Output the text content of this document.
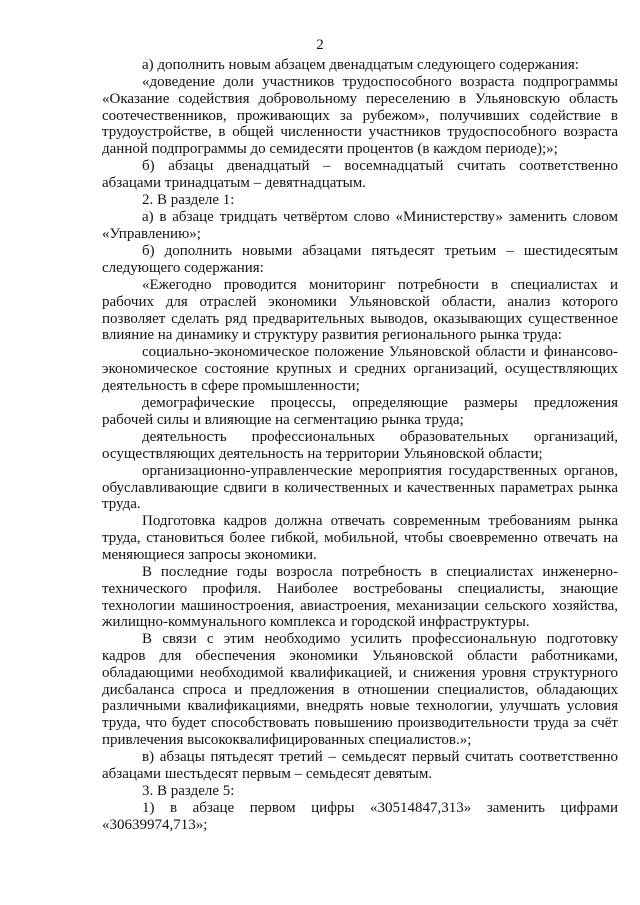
2

а) дополнить новым абзацем двенадцатым следующего содержания:

«доведение доли участников трудоспособного возраста подпрограммы «Оказание содействия добровольному переселению в Ульяновскую область соотечественников, проживающих за рубежом», получивших содействие в трудоустройстве, в общей численности участников трудоспособного возраста данной подпрограммы до семидесяти процентов (в каждом периоде);»;

б) абзацы двенадцатый – восемнадцатый считать соответственно абзацами тринадцатым – девятнадцатым.

2. В разделе 1:

а) в абзаце тридцать четвёртом слово «Министерству» заменить словом «Управлению»;

б) дополнить новыми абзацами пятьдесят третьим – шестидесятым следующего содержания:

«Ежегодно проводится мониторинг потребности в специалистах и рабочих для отраслей экономики Ульяновской области, анализ которого позволяет сделать ряд предварительных выводов, оказывающих существенное влияние на динамику и структуру развития регионального рынка труда:

социально-экономическое положение Ульяновской области и финансово-экономическое состояние крупных и средних организаций, осуществляющих деятельность в сфере промышленности;

демографические процессы, определяющие размеры предложения рабочей силы и влияющие на сегментацию рынка труда;

деятельность профессиональных образовательных организаций, осуществляющих деятельность на территории Ульяновской области;

организационно-управленческие мероприятия государственных органов, обуславливающие сдвиги в количественных и качественных параметрах рынка труда.

Подготовка кадров должна отвечать современным требованиям рынка труда, становиться более гибкой, мобильной, чтобы своевременно отвечать на меняющиеся запросы экономики.

В последние годы возросла потребность в специалистах инженерно-технического профиля. Наиболее востребованы специалисты, знающие технологии машиностроения, авиастроения, механизации сельского хозяйства, жилищно-коммунального комплекса и городской инфраструктуры.

В связи с этим необходимо усилить профессиональную подготовку кадров для обеспечения экономики Ульяновской области работниками, обладающими необходимой квалификацией, и снижения уровня структурного дисбаланса спроса и предложения в отношении специалистов, обладающих различными квалификациями, внедрять новые технологии, улучшать условия труда, что будет способствовать повышению производительности труда за счёт привлечения высококвалифицированных специалистов.»;

в) абзацы пятьдесят третий – семьдесят первый считать соответственно абзацами шестьдесят первым – семьдесят девятым.

3. В разделе 5:

1) в абзаце первом цифры «30514847,313» заменить цифрами «30639974,713»;
